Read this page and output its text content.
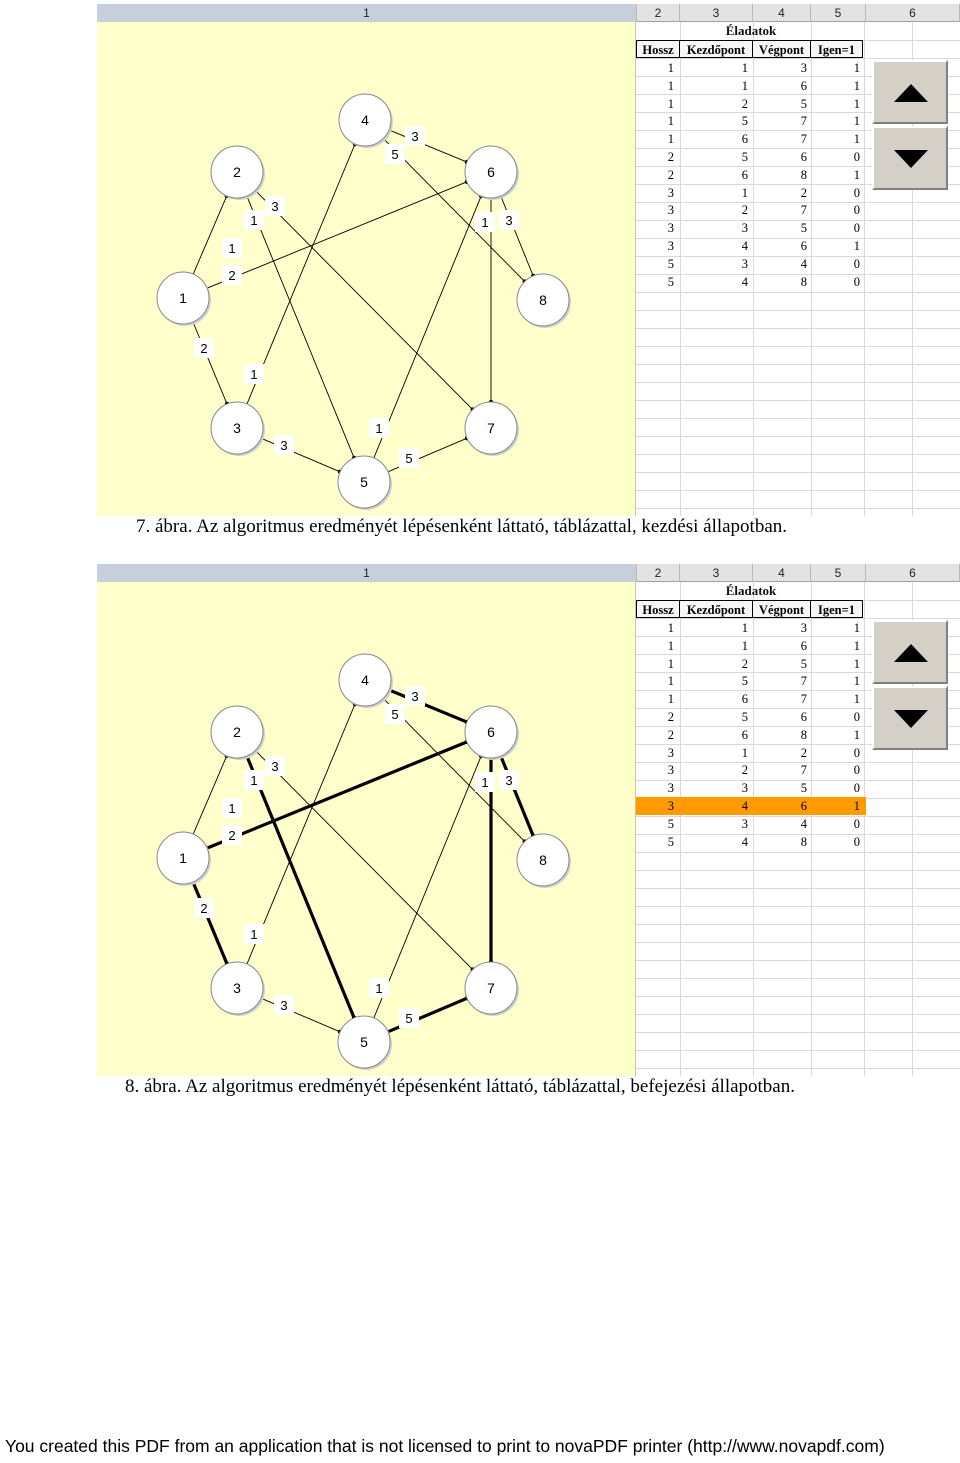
1	2	3	4	5	6
3
5
3
1
1
2
3
1
1
5
3
2
1
1
2
3
4
5
6
7
8
Éladatok
Hossz	Kezdőpont	Végpont	Igen=1
1	1	3	1
1	1	6	1
1	2	5	1
1	5	7	1
1	6	7	1
2	5	6	0
2	6	8	1
3	1	2	0
3	2	7	0
3	3	5	0
3	4	6	1
5	3	4	0
5	4	8	0
7. ábra. Az algoritmus eredményét lépésenként láttató, táblázattal, kezdési állapotban.
1	2	3	4	5	6
3
5
3
1
1
2
3
1
1
5
3
2
1
1
2
3
4
5
6
7
8
Éladatok
Hossz	Kezdőpont	Végpont	Igen=1
1	1	3	1
1	1	6	1
1	2	5	1
1	5	7	1
1	6	7	1
2	5	6	0
2	6	8	1
3	1	2	0
3	2	7	0
3	3	5	0
3	4	6	1
5	3	4	0
5	4	8	0
8. ábra. Az algoritmus eredményét lépésenként láttató, táblázattal, befejezési állapotban.
You created this PDF from an application that is not licensed to print to novaPDF printer (http://www.novapdf.com)
